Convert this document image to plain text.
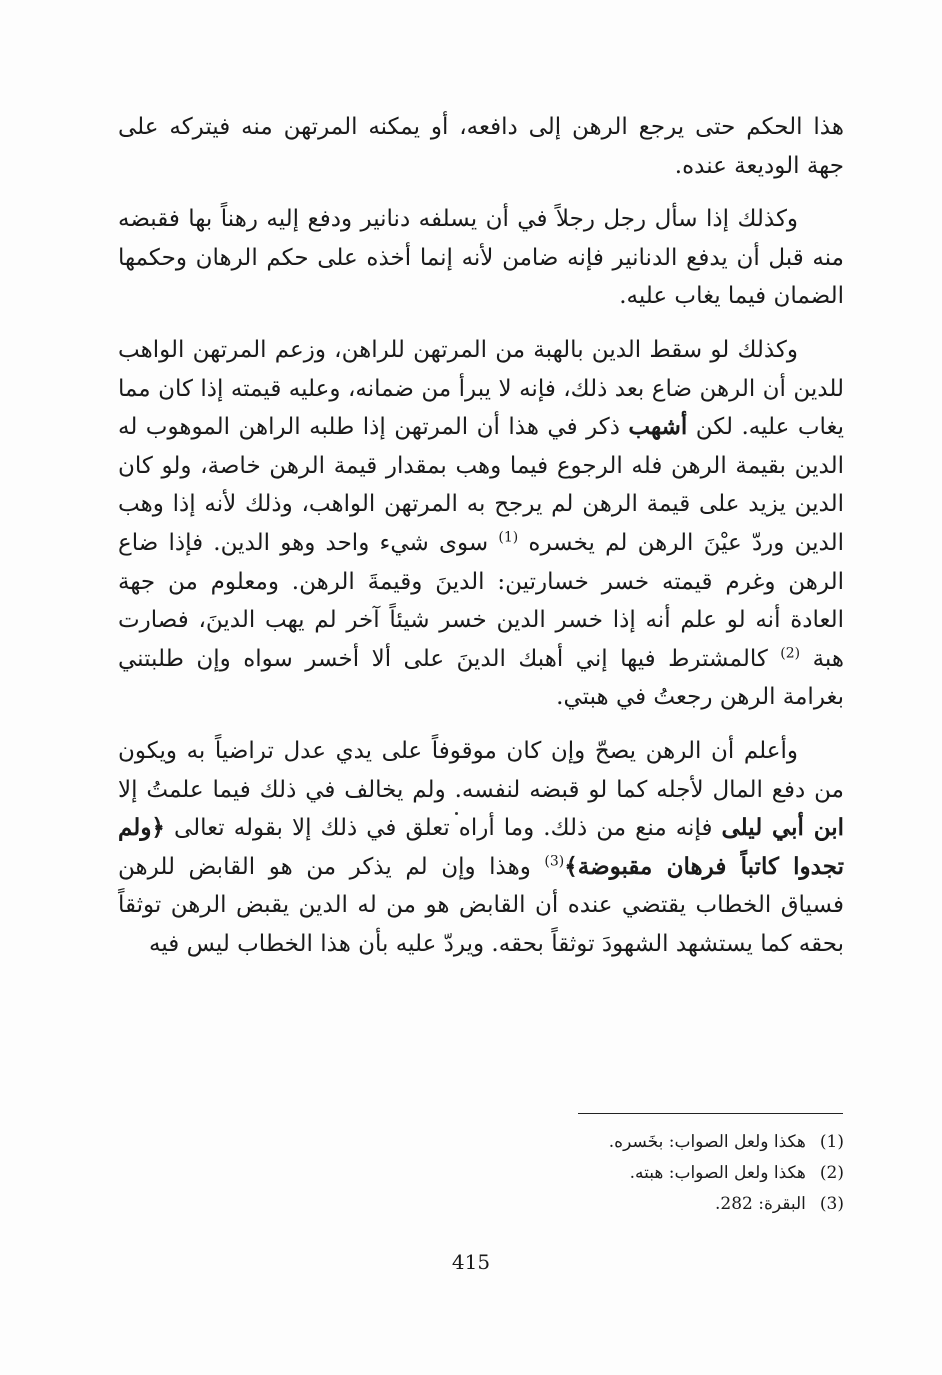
هذا الحكم حتى يرجع الرهن إلى دافعه، أو يمكنه المرتهن منه فيتركه على جهة الوديعة عنده.

وكذلك إذا سأل رجل رجلاً في أن يسلفه دنانير ودفع إليه رهناً بها فقبضه منه قبل أن يدفع الدنانير فإنه ضامن لأنه إنما أخذه على حكم الرهان وحكمها الضمان فيما يغاب عليه.

وكذلك لو سقط الدين بالهبة من المرتهن للراهن، وزعم المرتهن الواهب للدين أن الرهن ضاع بعد ذلك، فإنه لا يبرأ من ضمانه، وعليه قيمته إذا كان مما يغاب عليه. لكن أشهب ذكر في هذا أن المرتهن إذا طلبه الراهن الموهوب له الدين بقيمة الرهن فله الرجوع فيما وهب بمقدار قيمة الرهن خاصة، ولو كان الدين يزيد على قيمة الرهن لم يرجح به المرتهن الواهب، وذلك لأنه إذا وهب الدين وردّ عيْنَ الرهن لم يخسره $^{(1)}$ سوى شيء واحد وهو الدين. فإذا ضاع الرهن وغرم قيمته خسر خسارتين: الدينَ وقيمةَ الرهن. ومعلوم من جهة العادة أنه لو علم أنه إذا خسر الدين خسر شيئاً آخر لم يهب الدينَ، فصارت هبة $^{(2)}$ كالمشترط فيها إني أهبك الدينَ على ألا أخسر سواه وإن طلبتني بغرامة الرهن رجعتُ في هبتي.

وأعلم أن الرهن يصحّ وإن كان موقوفاً على يدي عدل تراضياً به ويكون من دفع المال لأجله كما لو قبضه لنفسه. ولم يخالف في ذلك فيما علمتُ إلا ابن أبي ليلى فإنه منع من ذلك. وما أراه تعلق في ذلك إلا بقوله تعالى ﴿ولم تجدوا كاتباً فرهان مقبوضة﴾$^{(3)}$ وهذا وإن لم يذكر من هو القابض للرهن فسياق الخطاب يقتضي عنده أن القابض هو من له الدين يقبض الرهن توثقاً بحقه كما يستشهد الشهودَ توثقاً بحقه. ويردّ عليه بأن هذا الخطاب ليس فيه

(1)
هكذا ولعل الصواب: بخَسره.
(2)
هكذا ولعل الصواب: هبته.
(3)
البقرة: 282.
415
